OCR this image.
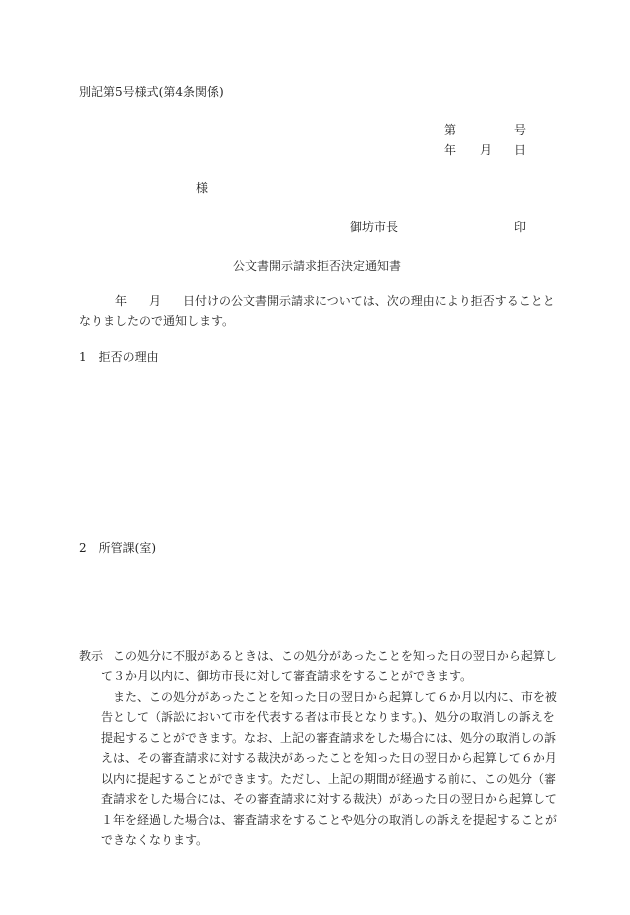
別記第5号様式(第4条関係)
第	号
年 月 日
様
御坊市長	印
公文書開示請求拒否決定通知書
年 月 日付けの公文書開示請求については、次の理由により拒否することと
なりましたので通知します。
1　拒否の理由
2　所管課(室)
教示 この処分に不服があるときは、この処分があったことを知った日の翌日から起算し
て３か月以内に、御坊市長に対して審査請求をすることができます。
また、この処分があったことを知った日の翌日から起算して６か月以内に、市を被
告として（訴訟において市を代表する者は市長となります。)、処分の取消しの訴えを
提起することができます。なお、上記の審査請求をした場合には、処分の取消しの訴
えは、その審査請求に対する裁決があったことを知った日の翌日から起算して６か月
以内に提起することができます。ただし、上記の期間が経過する前に、この処分（審
査請求をした場合には、その審査請求に対する裁決）があった日の翌日から起算して
１年を経過した場合は、審査請求をすることや処分の取消しの訴えを提起することが
できなくなります。
